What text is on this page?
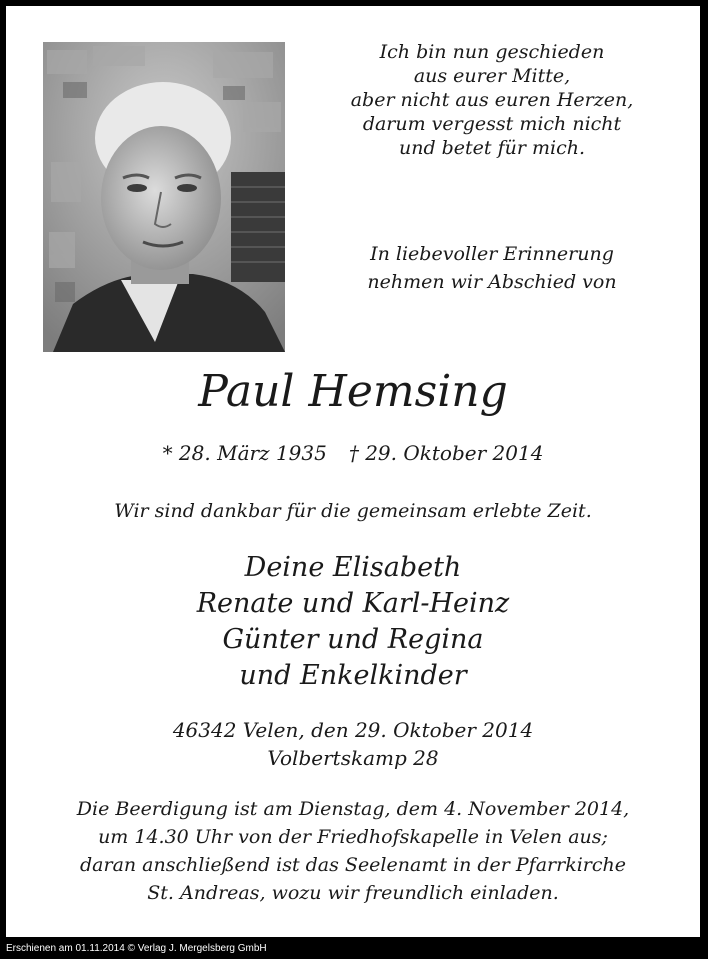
Ich bin nun geschieden
aus eurer Mitte,
aber nicht aus euren Herzen,
darum vergesst mich nicht
und betet für mich.
In liebevoller Erinnerung
nehmen wir Abschied von
Paul Hemsing
* 28. März 1935 † 29. Oktober 2014
Wir sind dankbar für die gemeinsam erlebte Zeit.
Deine Elisabeth
Renate und Karl-Heinz
Günter und Regina
und Enkelkinder
46342 Velen, den 29. Oktober 2014
Volbertskamp 28
Die Beerdigung ist am Dienstag, dem 4. November 2014,
um 14.30 Uhr von der Friedhofskapelle in Velen aus;
daran anschließend ist das Seelenamt in der Pfarrkirche
St. Andreas, wozu wir freundlich einladen.
Erschienen am 01.11.2014 © Verlag J. Mergelsberg GmbH
